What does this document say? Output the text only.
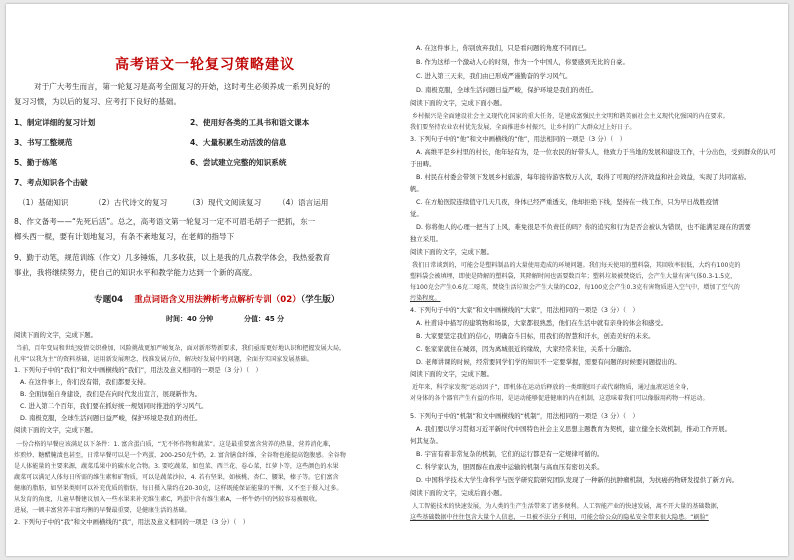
高考语文一轮复习策略建议
对于广大考生而言，第一轮复习是高考全面复习的开始，这时考生必须养成一系列良好的
复习习惯，为以后的复习、应考打下良好的基础。
1、制定详细的复习计划	2、使用好各类的工具书和语文课本
3、书写工整规范	4、大量积累生动活泼的信息
5、勤于练笔	6、尝试建立完整的知识系统
7、考点知识各个击破
（1）基础知识	（2）古代诗文的复习	（3）现代文阅读复习 （4）语言运用
8、作文备考——“先死后活”。总之，高考语文第一轮复习一定不可眉毛胡子一把抓，东一
榔头西一棍，要有计划地复习，有条不紊地复习，在老师的指导下
9、勤于动笔，规范训练（作文）几多锤炼，几多收获，以上是我的几点教学体会，我热爱教育
事业，我将继续努力，使自己的知识水平和教学能力达到一个新的高度。
专题04 重点词语含义用法辨析考点解析专训（02）（学生版）
时间：40 分钟	分值：45 分
阅读下面的文字，完成下题。
当前，百年变局和世纪疫情交织叠加，风险挑战更加严峻复杂，面对新形势新要求，我们亟需更好地认识和把握发展大局，
扎牢“以我为主”的资料基础，运用新发展理念，找准发展方位，解决好发展中的问题，全面夯实国家发展基础。
1. 下列句子中的“我们”和文中画横线的“我们”，用法及意义相同的一项是（3 分）（　）
A. 在这件事上，你们没有错，我们都要支持。
B. 全面加强自身建设，我们是在向时代发出宣言，展现新作为。
C. 进入第二个百年，我们要在抓好统一规划同时推进的学习风气。
D. 南极克服，全球生活问题日益严峻，保护环境是我们的责任。
阅读下面的文字，完成下题。
一份合格的早餐应该满足以下条件：1. 富含蛋白质，“无不怀作物和蔬菜”。这是最重要富含营养的热量，营养消化难，
炸煎炒、糖醋腌渍也甚至，日常早餐可以是一个鸡蛋，200-250克牛奶，2. 富含膳食纤维，全谷物也能提高饱腹感。全谷物
是人体能量的主要来源，蔬菜瓜果中的碳水化合物。3. 要吃蔬菜，如包菜、西兰花、卷心菜，红萝卜等，这些颜色的水果
蔬菜可以满足人体每日所需的维生素和矿物质，可以是蔬菜沙拉，4. 若有坚果，如核桃、杏仁、腰果，榛子等。它们富含
健康的脂肪，如坚果类则可以补充优质的脂肪，每日摄入量约在20-30克，这样既能保证能量的平衡，又不至于摄入过多。
从发育的角度，儿童早餐建议加入一些水果来补充维生素C，鸡蛋中含有维生素A，一杯牛奶中的钙较容易被吸收。
进展，一顿丰富营养丰富均衡的早餐最重要，是健康生活的基础。
2. 下列句子中的“我”和文中画横线的“我”，用法及意义相同的一项是（3 分）（　）
A. 在这件事上，你别放弃我们，只是看问题的角度不同而已。
B. 作为这样一个激动人心的时刻，作为一个中国人，你要感到无比的自豪。
C. 进入第三天来，我们由已形成严谨勤奋的学习风气。
D. 南极克服，全球生活问题日益严峻，保护环境是我们的责任。
阅读下面的文字，完成下面小题。
乡村振兴是全面建设社会主义现代化国家的重大任务，是建成富强民主文明和谐美丽社会主义现代化强国的内在要求。
我们要坚持农业农村优先发展，全面推进乡村振兴，让乡村的广大群众过上好日子。
3. 下列句子中的“他”和文中画横线的“他”，用法相同的一项是（3 分）（　）
A. 高维平是乡村里的村长，他年轻有为，是一位农民的好带头人，他致力于当地的发展和建设工作，十分出色，受到群众的认可
于田畴。
B. 村民在村委会带领下发展乡村旅游，每年接待游客数万人次，取得了可观的经济效益和社会效益，实现了共同富裕。
帆。
C. 在方舱医院连续值守几天几夜，身体已经严重透支，他却拒绝下线，坚持在一线工作，只为早日战胜疫情
觉。
D. 你将他人的心理一把当了上风，难免很是不负责任的吗？你的追究和行为是否会被认为错误，也不能满足现在的需要
独立采用。
阅读下面的文字，完成下题。
我们日常谈到的，可能会是塑料制品的大量使用造成的环境问题。我们每天使用的塑料袋，其回收率很低，大约有100克的
塑料袋会被填埋，即使是降解的塑料袋，其降解时间也需要数百年；塑料垃圾被焚烧后，会产生大量有害气体0.3-1.5克，
每100克会产生0.6克二噁英，焚烧生活垃圾会产生大量的CO2，每100克会产生0.3克有害物质进入空气中，增加了空气的
污染程度。
4. 下列句子中的“大家”和文中画横线的“大家”，用法相同的一项是（3 分）（　）
A. 杜甫诗中描写的建筑物和场景，大家都很熟悉，他们在生活中就有亲身的体会和感受。
B. 大家要坚定我们的信心，明确奋斗目标，用我们的智慧和汗水，创造美好的未来。
C. 张家家就住在城郊，因为离城很近的缘故，大家经常来往，关系十分融洽。
D. 老师讲课的时候，经常要同学们学的知识不一定要掌握，需要有问题的时候要问题提出的。
阅读下面的文字，完成下题。
近年来，科学家发现“运动因子”，即机体在运动后释放的一类细胞因子或代谢物质，通过血液运送全身，
对身体的各个器官产生有益的作用，是运动能够促进健康的内在机制，这意味着我们可以像服用药物一样运动。
5. 下列句子中的“机制”和文中画横线的“机制”，用法相同的一项是（3 分）（　）
A. 我们要以学习贯彻习近平新时代中国特色社会主义思想主题教育为契机，建立健全长效机制，推动工作开展。
何其复杂。
B. 宇宙有着非常复杂的机制，它们的运行都是有一定规律可循的。
C. 科学家认为，胆固醇在血液中运输的机制与高血压有密切关系。
D. 中国科学技术大学生命科学与医学研究院研究团队发现了一种新的抗肿瘤机制，为抗癌药物研发提供了新方向。
阅读下面的文字，完成后面小题。
人工智能技术的快速发展，为人类的生产生活带来了诸多便利。人工智能产业的快速发展，离不开大量的基础数据，
这些基础数据中往往包含大量个人信息，一旦被不法分子利用，可能会给公众的隐私安全带来很大隐患。“刷脸”
